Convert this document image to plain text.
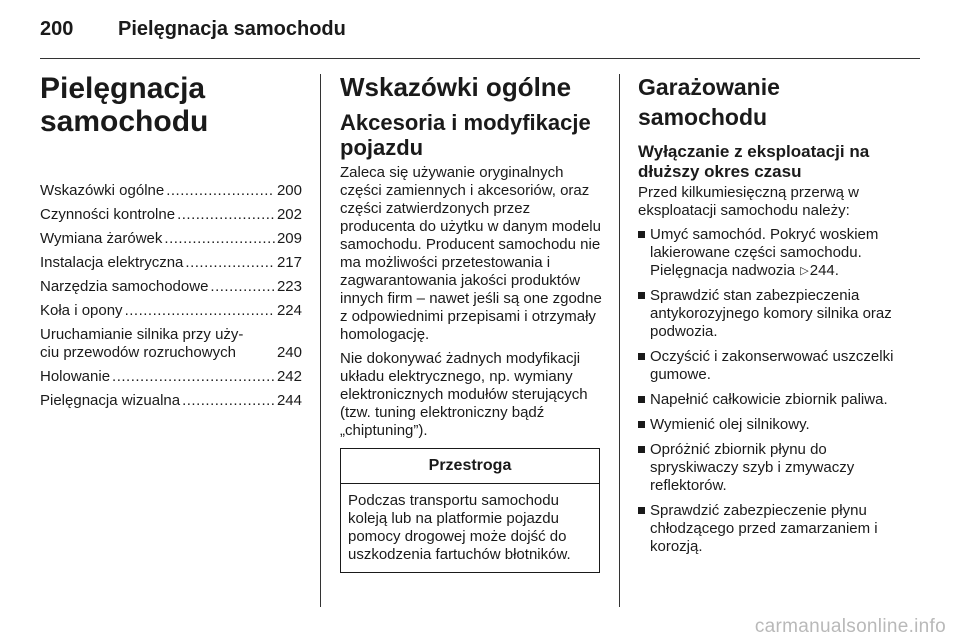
200 Pielęgnacja samochodu
Pielęgnacja
samochodu
Wskazówki ogólne .....	200
Czynności kontrolne .....	202
Wymiana żarówek .....	209
Instalacja elektryczna .....	217
Narzędzia samochodowe .....	223
Koła i opony .....	224
Uruchamianie silnika przy uży-
ciu przewodów rozruchowych	240
Holowanie .....	242
Pielęgnacja wizualna .....	244
Wskazówki ogólne
Akcesoria i modyfikacje pojazdu

Zaleca się używanie oryginalnych części zamiennych i akcesoriów, oraz części zatwierdzonych przez producenta do użytku w danym modelu samochodu. Producent samochodu nie ma możliwości przetestowania i zagwarantowania jakości produktów innych firm – nawet jeśli są one zgodne z odpowiednimi przepisami i otrzymały homologację.

Nie dokonywać żadnych modyfikacji układu elektrycznego, np. wymiany elektronicznych modułów sterujących (tzw. tuning elektroniczny bądź „chiptuning”).

Przestroga
Podczas transportu samochodu koleją lub na platformie pojazdu pomocy drogowej może dojść do uszkodzenia fartuchów błotników.
Garażowanie samochodu
Wyłączanie z eksploatacji na dłuższy okres czasu

Przed kilkumiesięczną przerwą w eksploatacji samochodu należy:

Umyć samochód. Pokryć woskiem lakierowane części samochodu. Pielęgnacja nadwozia ▷244.
Sprawdzić stan zabezpieczenia antykorozyjnego komory silnika oraz podwozia.
Oczyścić i zakonserwować uszczelki gumowe.
Napełnić całkowicie zbiornik paliwa.
Wymienić olej silnikowy.
Opróżnić zbiornik płynu do spryskiwaczy szyb i zmywaczy reflektorów.
Sprawdzić zabezpieczenie płynu chłodzącego przed zamarzaniem i korozją.
carmanualsonline.info
